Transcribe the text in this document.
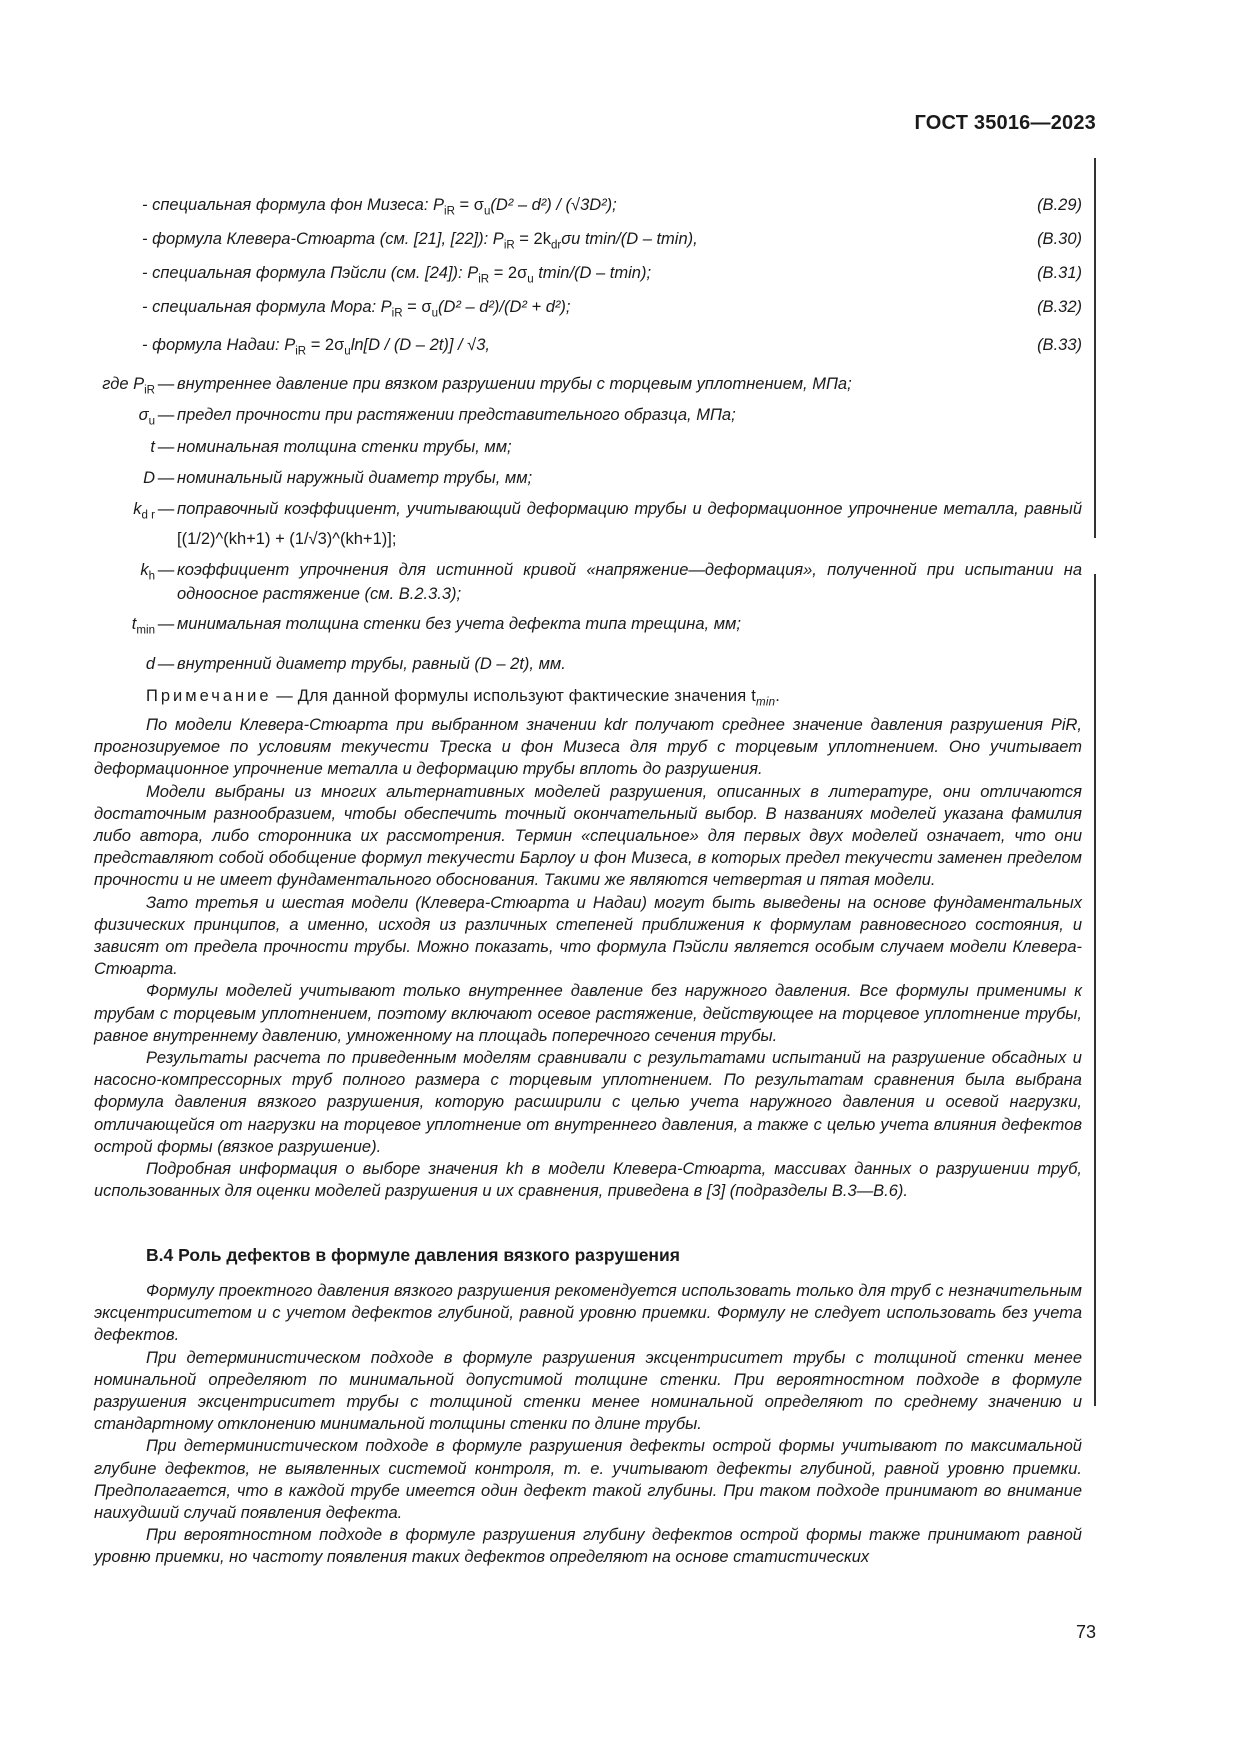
ГОСТ 35016—2023
- специальная формула фон Мизеса: $P_{iR} = \sigma_u(D^2 - d^2) / (√3D^2)$;	(B.29)
- формула Клевера-Стюарта (см. [21], [22]): $P_{iR} = 2k_{dr}\sigma u$ tmin/(D – tmin),	(B.30)
- специальная формула Пэйсли (см. [24]): $P_{iR} = 2\sigma_u$ tmin/(D – tmin);	(B.31)
- специальная формула Мора: $P_{iR} = \sigma_u(D^2 - d^2)/(D^2 + d^2)$;	(B.32)
- формула Надаи: $P_{iR} = 2\sigma_u\ln[D / (D - 2t)] / √3$,	(B.33)
где $P_{iR}$ — внутреннее давление при вязком разрушении трубы с торцевым уплотнением, МПа;
$\sigma_u$ — предел прочности при растяжении представительного образца, МПа;
t — номинальная толщина стенки трубы, мм;
D — номинальный наружный диаметр трубы, мм;
$k_{d r}$ — поправочный коэффициент, учитывающий деформацию трубы и деформационное упрочнение металла, равный [(1/2)^(kh+1) + (1/√3)^(kh+1)];
$k_h$ — коэффициент упрочнения для истинной кривой «напряжение—деформация», полученной при испытании на одноосное растяжение (см. В.2.3.3);
$t_{min}$ — минимальная толщина стенки без учета дефекта типа трещина, мм;
d — внутренний диаметр трубы, равный (D – 2t), мм.
Примечание — Для данной формулы используют фактические значения $t_{min}$.

По модели Клевера-Стюарта при выбранном значении kdr получают среднее значение давления разрушения PiR, прогнозируемое по условиям текучести Треска и фон Мизеса для труб с торцевым уплотнением. Оно учитывает деформационное упрочнение металла и деформацию трубы вплоть до разрушения.

Модели выбраны из многих альтернативных моделей разрушения, описанных в литературе, они отличаются достаточным разнообразием, чтобы обеспечить точный окончательный выбор. В названиях моделей указана фамилия либо автора, либо сторонника их рассмотрения. Термин «специальное» для первых двух моделей означает, что они представляют собой обобщение формул текучести Барлоу и фон Мизеса, в которых предел текучести заменен пределом прочности и не имеет фундаментального обоснования. Такими же являются четвертая и пятая модели.

Зато третья и шестая модели (Клевера-Стюарта и Надаи) могут быть выведены на основе фундаментальных физических принципов, а именно, исходя из различных степеней приближения к формулам равновесного состояния, и зависят от предела прочности трубы. Можно показать, что формула Пэйсли является особым случаем модели Клевера-Стюарта.

Формулы моделей учитывают только внутреннее давление без наружного давления. Все формулы применимы к трубам с торцевым уплотнением, поэтому включают осевое растяжение, действующее на торцевое уплотнение трубы, равное внутреннему давлению, умноженному на площадь поперечного сечения трубы.

Результаты расчета по приведенным моделям сравнивали с результатами испытаний на разрушение обсадных и насосно-компрессорных труб полного размера с торцевым уплотнением. По результатам сравнения была выбрана формула давления вязкого разрушения, которую расширили с целью учета наружного давления и осевой нагрузки, отличающейся от нагрузки на торцевое уплотнение от внутреннего давления, а также с целью учета влияния дефектов острой формы (вязкое разрушение).

Подробная информация о выборе значения kh в модели Клевера-Стюарта, массивах данных о разрушении труб, использованных для оценки моделей разрушения и их сравнения, приведена в [3] (подразделы В.3—В.6).

В.4 Роль дефектов в формуле давления вязкого разрушения

Формулу проектного давления вязкого разрушения рекомендуется использовать только для труб с незначительным эксцентриситетом и с учетом дефектов глубиной, равной уровню приемки. Формулу не следует использовать без учета дефектов.

При детерминистическом подходе в формуле разрушения эксцентриситет трубы с толщиной стенки менее номинальной определяют по минимальной допустимой толщине стенки. При вероятностном подходе в формуле разрушения эксцентриситет трубы с толщиной стенки менее номинальной определяют по среднему значению и стандартному отклонению минимальной толщины стенки по длине трубы.

При детерминистическом подходе в формуле разрушения дефекты острой формы учитывают по максимальной глубине дефектов, не выявленных системой контроля, т. е. учитывают дефекты глубиной, равной уровню приемки. Предполагается, что в каждой трубе имеется один дефект такой глубины. При таком подходе принимают во внимание наихудший случай появления дефекта.

При вероятностном подходе в формуле разрушения глубину дефектов острой формы также принимают равной уровню приемки, но частоту появления таких дефектов определяют на основе статистических

73
